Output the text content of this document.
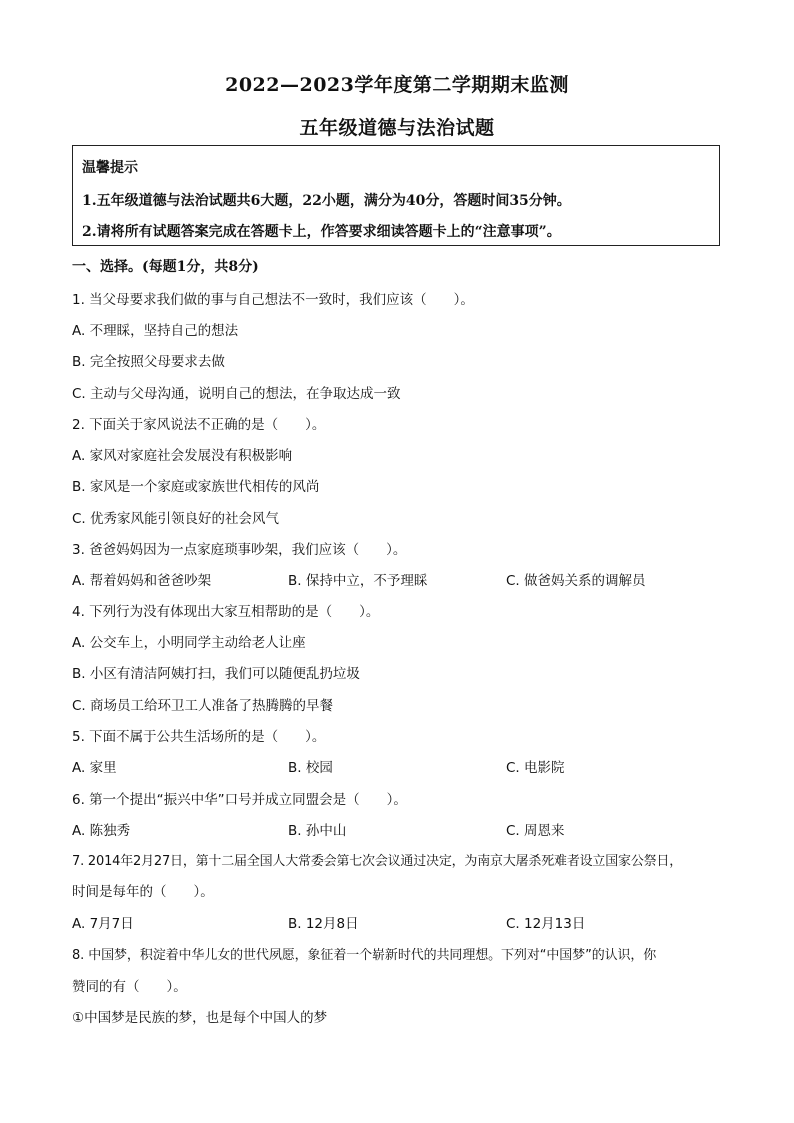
2022—2023学年度第二学期期末监测
五年级道德与法治试题
温馨提示
1.五年级道德与法治试题共6大题，22小题，满分为40分，答题时间35分钟。
2.请将所有试题答案完成在答题卡上，作答要求细读答题卡上的“注意事项”。
一、选择。(每题1分，共8分)
1. 当父母要求我们做的事与自己想法不一致时，我们应该（　　）。
A. 不理睬，坚持自己的想法
B. 完全按照父母要求去做
C. 主动与父母沟通，说明自己的想法，在争取达成一致
2. 下面关于家风说法不正确的是（　　）。
A. 家风对家庭社会发展没有积极影响
B. 家风是一个家庭或家族世代相传的风尚
C. 优秀家风能引领良好的社会风气
3. 爸爸妈妈因为一点家庭琐事吵架，我们应该（　　）。
A. 帮着妈妈和爸爸吵架	B. 保持中立，不予理睬	C. 做爸妈关系的调解员
4. 下列行为没有体现出大家互相帮助的是（　　）。
A. 公交车上，小明同学主动给老人让座
B. 小区有清洁阿姨打扫，我们可以随便乱扔垃圾
C. 商场员工给环卫工人准备了热腾腾的早餐
5. 下面不属于公共生活场所的是（　　）。
A. 家里	B. 校园	C. 电影院
6. 第一个提出“振兴中华”口号并成立同盟会是（　　）。
A. 陈独秀	B. 孙中山	C. 周恩来
7. 2014年2月27日，第十二届全国人大常委会第七次会议通过决定，为南京大屠杀死难者设立国家公祭日，
时间是每年的（　　）。
A. 7月7日	B. 12月8日	C. 12月13日
8. 中国梦，积淀着中华儿女的世代夙愿，象征着一个崭新时代的共同理想。下列对“中国梦”的认识，你
赞同的有（　　）。
①中国梦是民族的梦，也是每个中国人的梦
